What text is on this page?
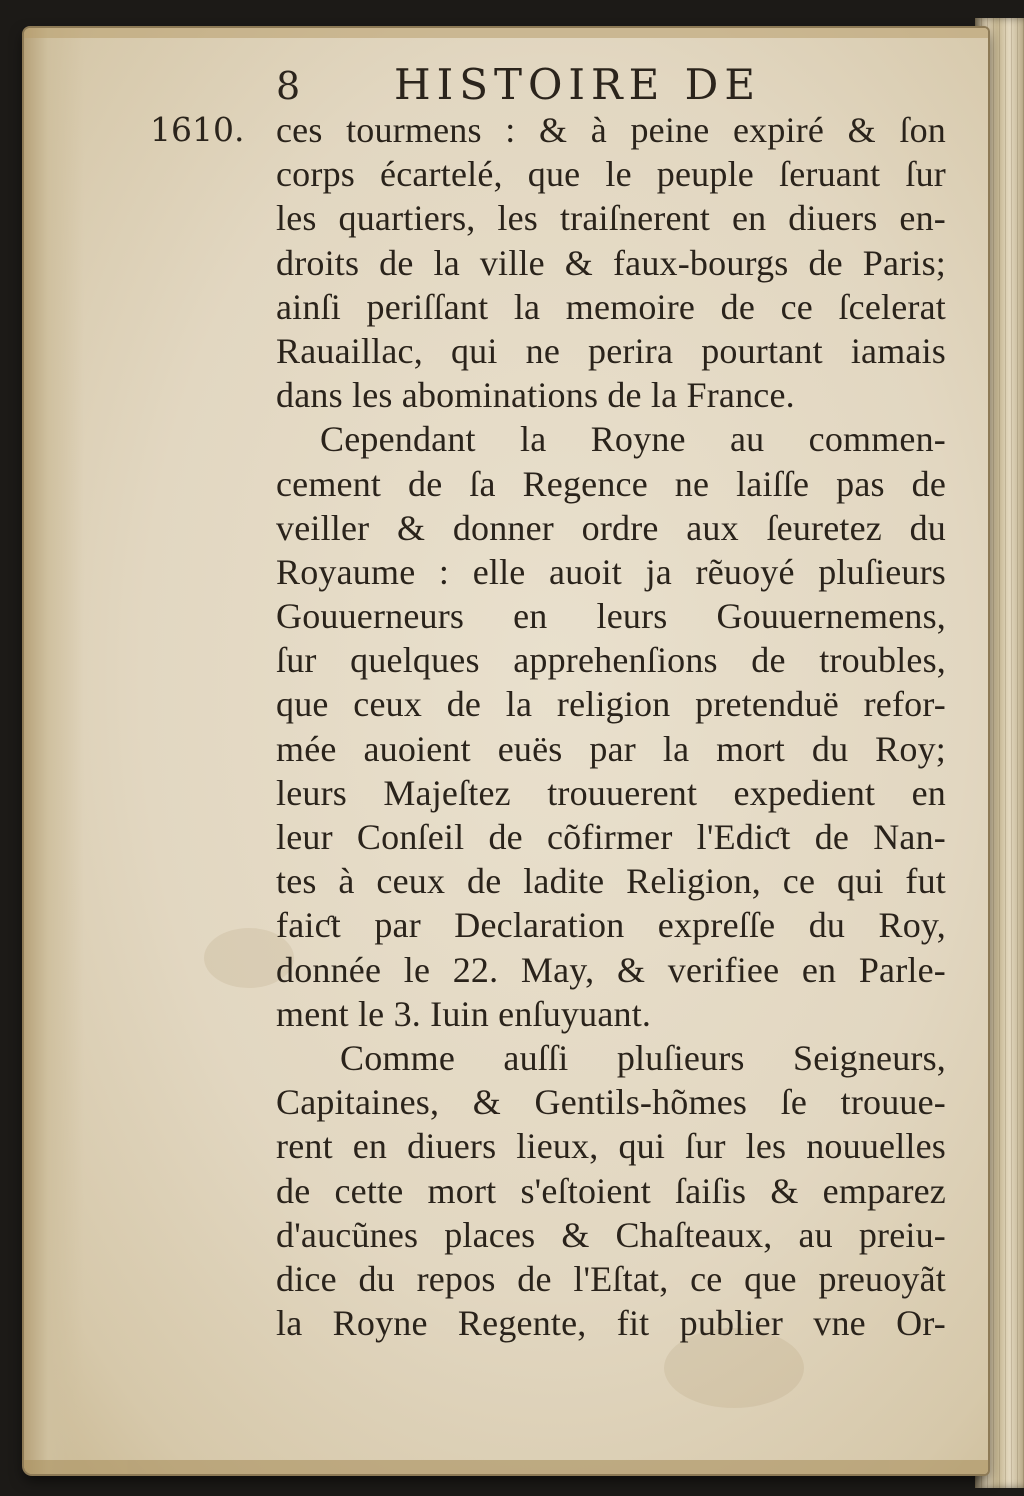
8 HISTOIRE DE
1610. ces tourmens : & à peine expiré & ſon
corps écartelé, que le peuple ſeruant ſur
les quartiers, les traiſnerent en diuers en-
droits de la ville & faux-bourgs de Paris;
ainſi periſſant la memoire de ce ſcelerat
Rauaillac, qui ne perira pourtant iamais
dans les abominations de la France.
Cependant la Royne au commen-
cement de ſa Regence ne laiſſe pas de
veiller & donner ordre aux ſeuretez du
Royaume : elle auoit ja rẽuoyé pluſieurs
Gouuerneurs en leurs Gouuernemens,
ſur quelques apprehenſions de troubles,
que ceux de la religion pretenduë refor-
mée auoient euës par la mort du Roy;
leurs Majeſtez trouuerent expedient en
leur Conſeil de cõfirmer l'Ediƈt de Nan-
tes à ceux de ladite Religion, ce qui fut
faiƈt par Declaration expreſſe du Roy,
donnée le 22. May, & verifiee en Parle-
ment le 3. Iuin enſuyuant.
Comme auſſi pluſieurs Seigneurs,
Capitaines, & Gentils-hõmes ſe trouue-
rent en diuers lieux, qui ſur les nouuelles
de cette mort s'eſtoient ſaiſis & emparez
d'aucũnes places & Chaſteaux, au preiu-
dice du repos de l'Eſtat, ce que preuoyãt
la Royne Regente, fit publier vne Or-
